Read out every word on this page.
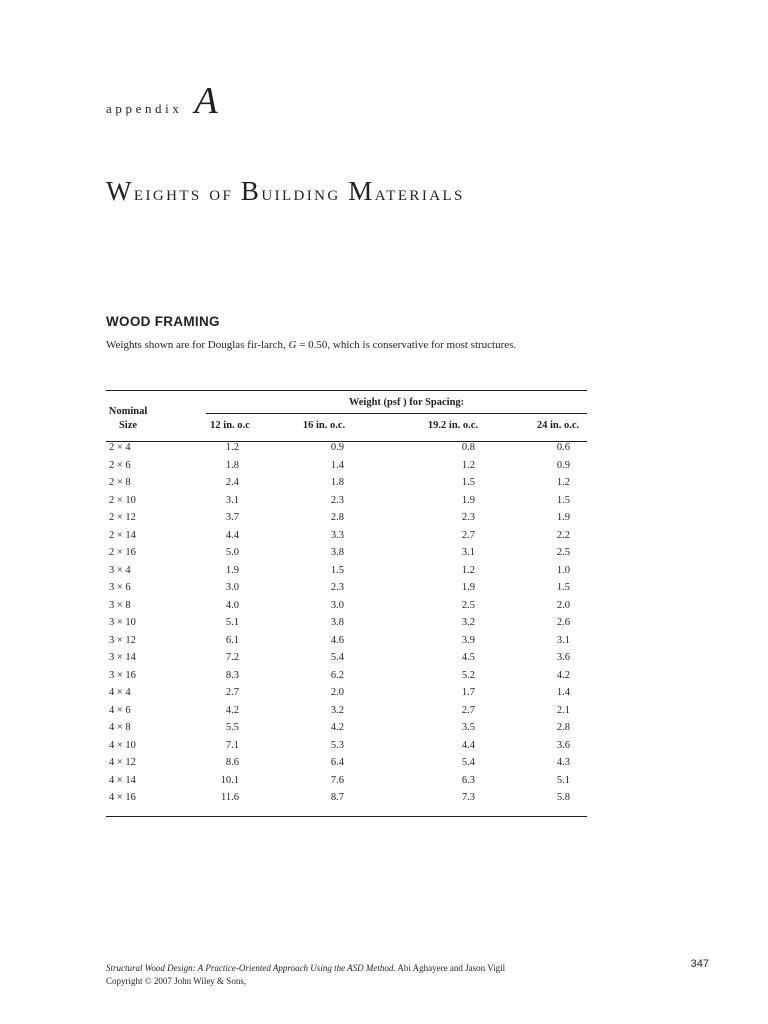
appendix A
Weights of Building Materials
WOOD FRAMING
Weights shown are for Douglas fir-larch, G = 0.50, which is conservative for most structures.
Weight (psf ) for Spacing:
Nominal
Size	12 in. o.c	16 in. o.c.	19.2 in. o.c.	24 in. o.c.
2 × 4	1.2	0.9	0.8	0.6
2 × 6	1.8	1.4	1.2	0.9
2 × 8	2.4	1.8	1.5	1.2
2 × 10	3.1	2.3	1.9	1.5
2 × 12	3.7	2.8	2.3	1.9
2 × 14	4.4	3.3	2.7	2.2
2 × 16	5.0	3.8	3.1	2.5
3 × 4	1.9	1.5	1.2	1.0
3 × 6	3.0	2.3	1.9	1.5
3 × 8	4.0	3.0	2.5	2.0
3 × 10	5.1	3.8	3.2	2.6
3 × 12	6.1	4.6	3.9	3.1
3 × 14	7.2	5.4	4.5	3.6
3 × 16	8.3	6.2	5.2	4.2
4 × 4	2.7	2.0	1.7	1.4
4 × 6	4.2	3.2	2.7	2.1
4 × 8	5.5	4.2	3.5	2.8
4 × 10	7.1	5.3	4.4	3.6
4 × 12	8.6	6.4	5.4	4.3
4 × 14	10.1	7.6	6.3	5.1
4 × 16	11.6	8.7	7.3	5.8
Structural Wood Design: A Practice-Oriented Approach Using the ASD Method. Abi Aghayere and Jason Vigil
Copyright © 2007 John Wiley & Sons,
347
